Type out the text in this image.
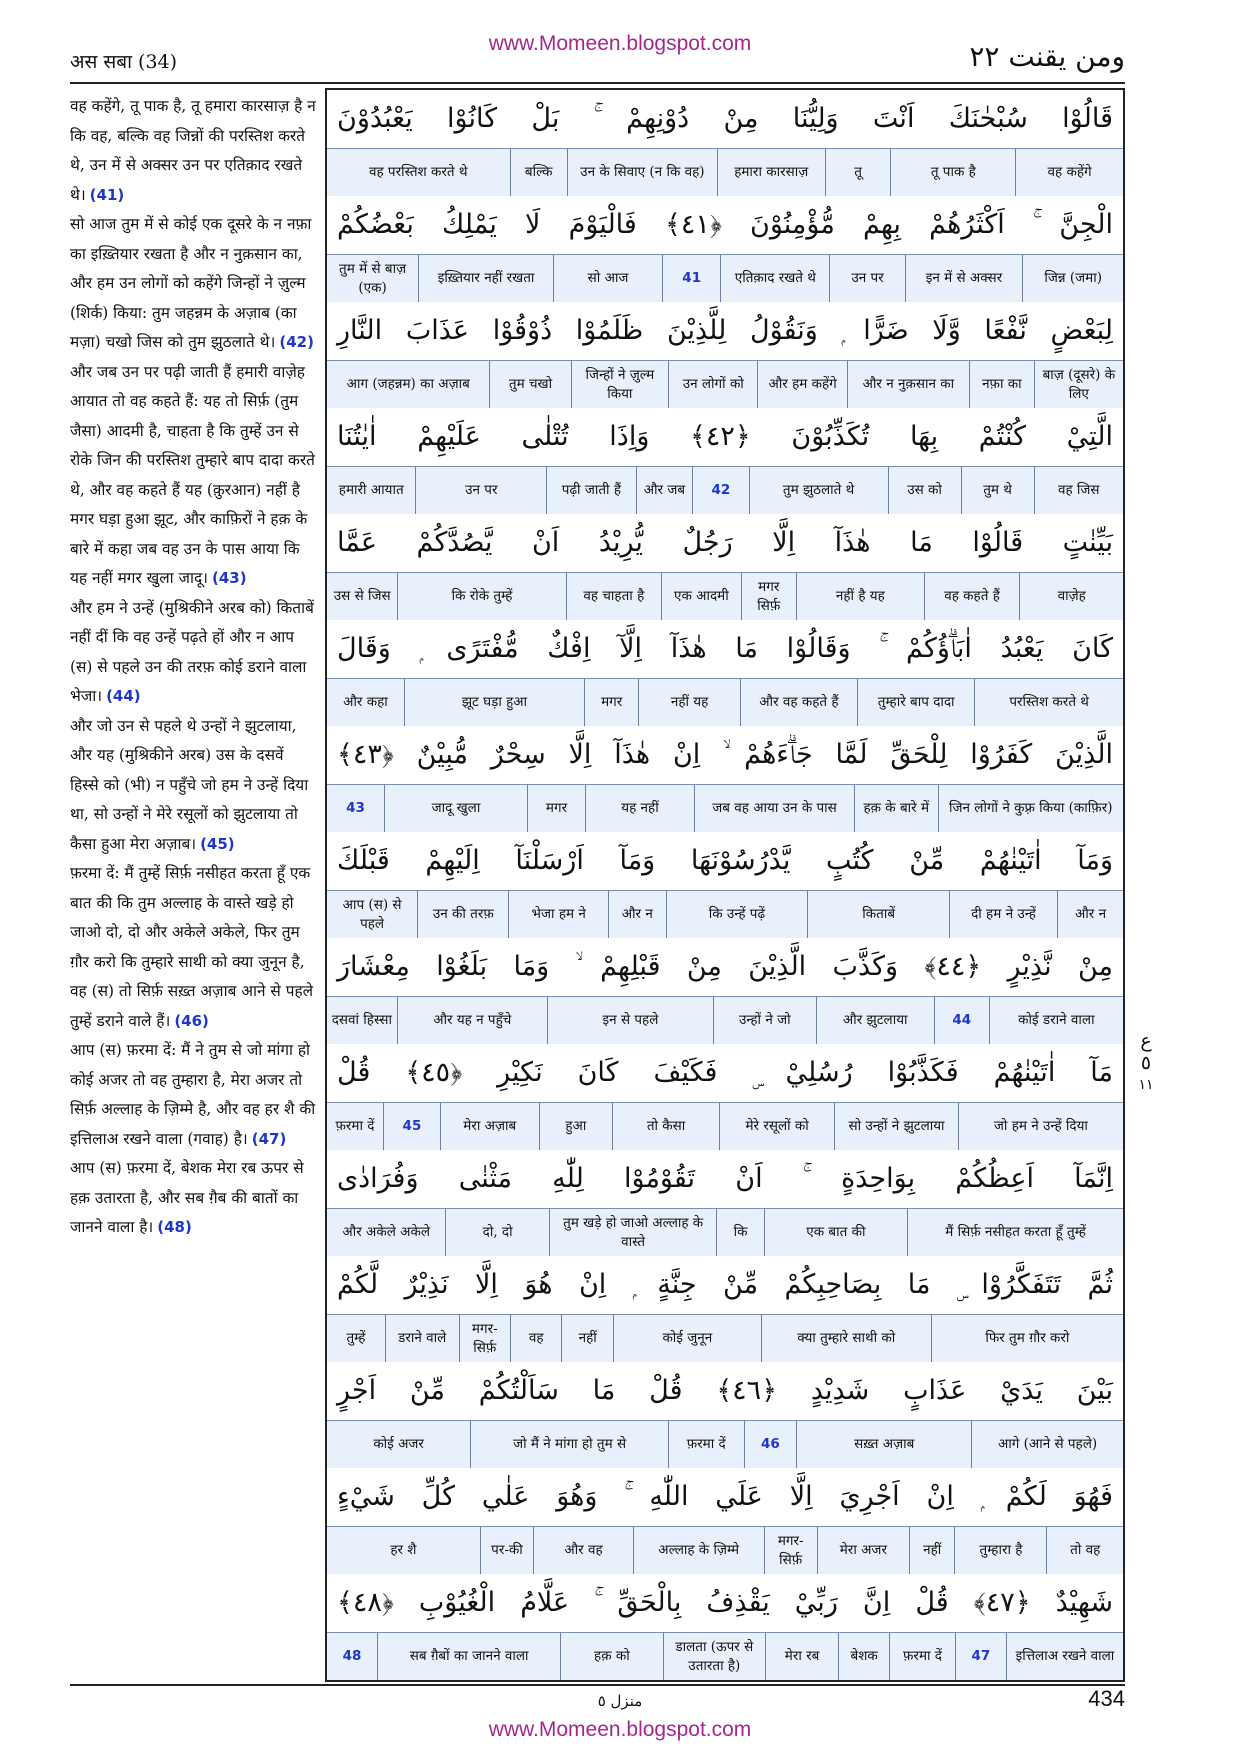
अस सबा (34)
www.Momeen.blogspot.com	ومن يقنت ٢٢

वह कहेंगे, तू पाक है, तू हमारा कारसाज़ है न कि वह, बल्कि वह जिन्नों की परस्तिश करते थे, उन में से अक्सर उन पर एतिक़ाद रखते थे। (41)

सो आज तुम में से कोई एक दूसरे के न नफ़ा का इख़्तियार रखता है और न नुक़सान का, और हम उन लोगों को कहेंगे जिन्हों ने ज़ुल्म (शिर्क) किया: तुम जहन्नम के अज़ाब (का मज़ा) चखो जिस को तुम झुठलाते थे। (42)

और जब उन पर पढ़ी जाती हैं हमारी वाज़ेह आयात तो वह कहते हैं: यह तो सिर्फ़ (तुम जैसा) आदमी है, चाहता है कि तुम्हें उन से रोके जिन की परस्तिश तुम्हारे बाप दादा करते थे, और वह कहते हैं यह (क़ुरआन) नहीं है मगर घड़ा हुआ झूट, और काफ़िरों ने हक़ के बारे में कहा जब वह उन के पास आया कि यह नहीं मगर खुला जादू। (43)

और हम ने उन्हें (मुश्रिकीने अरब को) किताबें नहीं दीं कि वह उन्हें पढ़ते हों और न आप (स) से पहले उन की तरफ़ कोई डराने वाला भेजा। (44)

और जो उन से पहले थे उन्हों ने झुटलाया, और यह (मुश्रिकीने अरब) उस के दसवें हिस्से को (भी) न पहुँचे जो हम ने उन्हें दिया था, सो उन्हों ने मेरे रसूलों को झुटलाया तो कैसा हुआ मेरा अज़ाब। (45)

फ़रमा दें: मैं तुम्हें सिर्फ़ नसीहत करता हूँ एक बात की कि तुम अल्लाह के वास्ते खड़े हो जाओ दो, दो और अकेले अकेले, फिर तुम ग़ौर करो कि तुम्हारे साथी को क्या जुनून है, वह (स) तो सिर्फ़ सख़्त अज़ाब आने से पहले तुम्हें डराने वाले हैं। (46)

आप (स) फ़रमा दें: मैं ने तुम से जो मांगा हो कोई अजर तो वह तुम्हारा है, मेरा अजर तो सिर्फ़ अल्लाह के ज़िम्मे है, और वह हर शै की इत्तिलाअ रखने वाला (गवाह) है। (47)

आप (स) फ़रमा दें, बेशक मेरा रब ऊपर से हक़ उतारता है, और सब ग़ैब की बातों का जानने वाला है। (48)

قَالُوْا سُبْحٰنَكَ اَنْتَ وَلِيُّنَا مِنْ دُوْنِهِمْ ۚ بَلْ كَانُوْا يَعْبُدُوْنَ
वह कहेंगे
तू पाक है
तू
हमारा कारसाज़
उन के सिवाए (न कि वह)
बल्कि
वह परस्तिश करते थे
الْجِنَّ ۚ اَكْثَرُهُمْ بِهِمْ مُّؤْمِنُوْنَ ﴿٤١﴾ فَالْيَوْمَ لَا يَمْلِكُ بَعْضُكُمْ
जिन्न (जमा)
इन में से अक्सर
उन पर
एतिक़ाद रखते थे
41
सो आज
इख़्तियार नहीं रखता
तुम में से बाज़ (एक)
لِبَعْضٍ نَّفْعًا وَّلَا ضَرًّا ۭ وَنَقُوْلُ لِلَّذِيْنَ ظَلَمُوْا ذُوْقُوْا عَذَابَ النَّارِ
बाज़ (दूसरे) के लिए
नफ़ा का
और न नुक़सान का
और हम कहेंगे
उन लोगों को
जिन्हों ने ज़ुल्म किया
तुम चखो
आग (जहन्नम) का अज़ाब
الَّتِيْ كُنْتُمْ بِهَا تُكَذِّبُوْنَ ﴿٤٢﴾ وَاِذَا تُتْلٰى عَلَيْهِمْ اٰيٰتُنَا
वह जिस
तुम थे
उस को
तुम झुठलाते थे
42
और जब
पढ़ी जाती हैं
उन पर
हमारी आयात
بَيِّنٰتٍ قَالُوْا مَا هٰذَآ اِلَّا رَجُلٌ يُّرِيْدُ اَنْ يَّصُدَّكُمْ عَمَّا
वाज़ेह
वह कहते हैं
नहीं है यह
मगर सिर्फ़
एक आदमी
वह चाहता है
कि रोके तुम्हें
उस से जिस
كَانَ يَعْبُدُ اٰبَاۗؤُكُمْ ۚ وَقَالُوْا مَا هٰذَآ اِلَّآ اِفْكٌ مُّفْتَرًى ۭ وَقَالَ
परस्तिश करते थे
तुम्हारे बाप दादा
और वह कहते हैं
नहीं यह
मगर
झूट घड़ा हुआ
और कहा
الَّذِيْنَ كَفَرُوْا لِلْحَقِّ لَمَّا جَاۗءَهُمْ ۙ اِنْ هٰذَآ اِلَّا سِحْرٌ مُّبِيْنٌ ﴿٤٣﴾
जिन लोगों ने कुफ़्र किया (काफ़िर)
हक़ के बारे में
जब वह आया उन के पास
यह नहीं
मगर
जादू खुला
43
وَمَآ اٰتَيْنٰهُمْ مِّنْ كُتُبٍ يَّدْرُسُوْنَهَا وَمَآ اَرْسَلْنَآ اِلَيْهِمْ قَبْلَكَ
और न
दी हम ने उन्हें
किताबें
कि उन्हें पढ़ें
और न
भेजा हम ने
उन की तरफ़
आप (स) से पहले
مِنْ نَّذِيْرٍ ﴿٤٤﴾ وَكَذَّبَ الَّذِيْنَ مِنْ قَبْلِهِمْ ۙ وَمَا بَلَغُوْا مِعْشَارَ
कोई डराने वाला
44
और झुटलाया
उन्हों ने जो
इन से पहले
और यह न पहुँचे
दसवां हिस्सा
مَآ اٰتَيْنٰهُمْ فَكَذَّبُوْا رُسُلِيْ ۣ فَكَيْفَ كَانَ نَكِيْرِ ﴿٤٥﴾ قُلْ
जो हम ने उन्हें दिया
सो उन्हों ने झुटलाया
मेरे रसूलों को
तो कैसा
हुआ
मेरा अज़ाब
45
फ़रमा दें
اِنَّمَآ اَعِظُكُمْ بِوَاحِدَةٍ ۚ اَنْ تَقُوْمُوْا لِلّٰهِ مَثْنٰى وَفُرَادٰى
मैं सिर्फ़ नसीहत करता हूँ तुम्हें
एक बात की
कि
तुम खड़े हो जाओ अल्लाह के वास्ते
दो, दो
और अकेले अकेले
ثُمَّ تَتَفَكَّرُوْا ۣ مَا بِصَاحِبِكُمْ مِّنْ جِنَّةٍ ۭ اِنْ هُوَ اِلَّا نَذِيْرٌ لَّكُمْ
फिर तुम ग़ौर करो
क्या तुम्हारे साथी को
कोई जुनून
नहीं
वह
मगर-सिर्फ़
डराने वाले
तुम्हें
بَيْنَ يَدَيْ عَذَابٍ شَدِيْدٍ ﴿٤٦﴾ قُلْ مَا سَاَلْتُكُمْ مِّنْ اَجْرٍ
आगे (आने से पहले)
सख़्त अज़ाब
46
फ़रमा दें
जो मैं ने मांगा हो तुम से
कोई अजर
فَهُوَ لَكُمْ ۭ اِنْ اَجْرِيَ اِلَّا عَلَي اللّٰهِ ۚ وَهُوَ عَلٰي كُلِّ شَيْءٍ
तो वह
तुम्हारा है
नहीं
मेरा अजर
मगर-सिर्फ़
अल्लाह के ज़िम्मे
और वह
पर-की
हर शै
شَهِيْدٌ ﴿٤٧﴾ قُلْ اِنَّ رَبِّيْ يَقْذِفُ بِالْحَقِّ ۚ عَلَّامُ الْغُيُوْبِ ﴿٤٨﴾
इत्तिलाअ रखने वाला
47
फ़रमा दें
बेशक
मेरा रब
डालता (ऊपर से उतारता है)
हक़ को
सब ग़ैबों का जानने वाला
48
ع
٥
١١
منزل ٥	434
www.Momeen.blogspot.com
